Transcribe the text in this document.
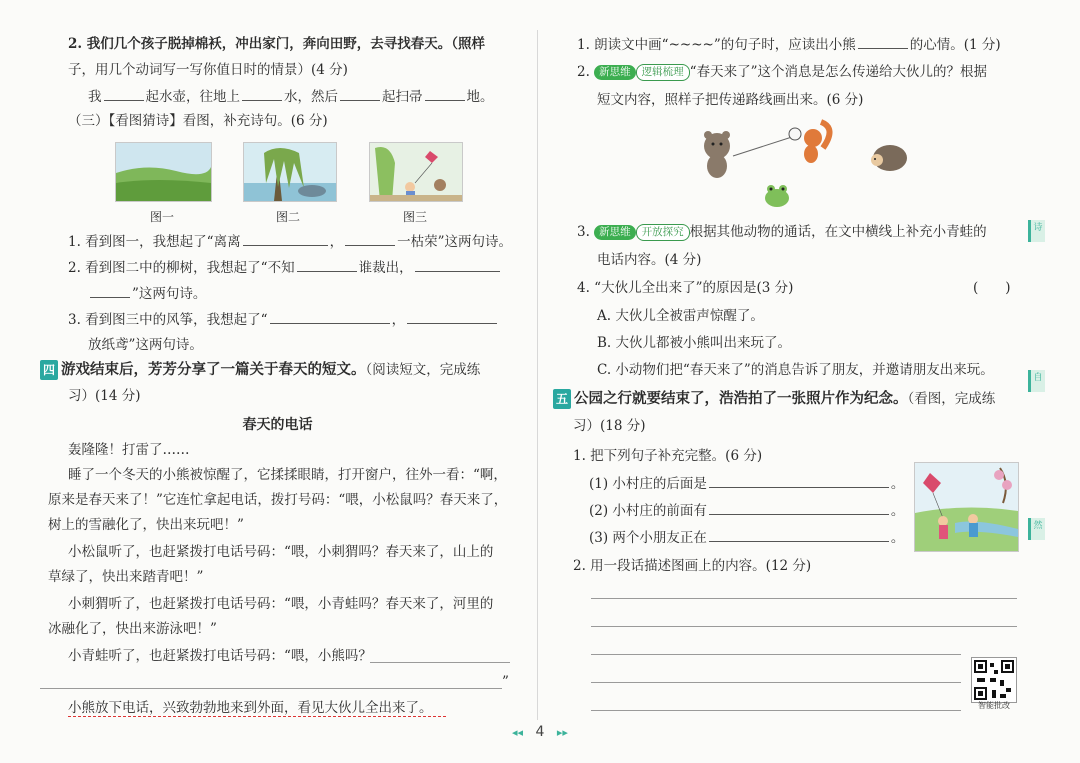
2. 我们几个孩子脱掉棉袄，冲出家门，奔向田野，去寻找春天。（照样
子，用几个动词写一写你值日时的情景）(4 分)
我	起水壶，往地上	水，然后	起扫帚	地。
（三）【看图猜诗】看图，补充诗句。(6 分)
图一	图二	图三
1. 看到图一，我想起了“离离	，	一枯荣”这两句诗。
2. 看到图二中的柳树，我想起了“不知	谁裁出，
”这两句诗。
3. 看到图三中的风筝，我想起了“	，
放纸鸢”这两句诗。
四 游戏结束后，芳芳分享了一篇关于春天的短文。（阅读短文，完成练
习）(14 分)
春天的电话
轰隆隆！打雷了……
睡了一个冬天的小熊被惊醒了，它揉揉眼睛，打开窗户，往外一看：“啊，
原来是春天来了！”它连忙拿起电话，拨打号码：“喂，小松鼠吗？春天来了，
树上的雪融化了，快出来玩吧！”
小松鼠听了，也赶紧拨打电话号码：“喂，小刺猬吗？春天来了，山上的
草绿了，快出来踏青吧！”
小刺猬听了，也赶紧拨打电话号码：“喂，小青蛙吗？春天来了，河里的
冰融化了，快出来游泳吧！”
小青蛙听了，也赶紧拨打电话号码：“喂，小熊吗？
”
小熊放下电话，兴致勃勃地来到外面，看见大伙儿全出来了。
1. 朗读文中画“~~~~”的句子时，应读出小熊	的心情。(1 分)
2. 新思维 逻辑梳理 “春天来了”这个消息是怎么传递给大伙儿的？根据
短文内容，照样子把传递路线画出来。(6 分)
3. 新思维 开放探究 根据其他动物的通话，在文中横线上补充小青蛙的
电话内容。(4 分)
4. “大伙儿全出来了”的原因是(3 分)	(　　)
A. 大伙儿全被雷声惊醒了。
B. 大伙儿都被小熊叫出来玩了。
C. 小动物们把“春天来了”的消息告诉了朋友，并邀请朋友出来玩。
五 公园之行就要结束了，浩浩拍了一张照片作为纪念。（看图，完成练
习）(18 分)
1. 把下列句子补充完整。(6 分)
(1) 小村庄的后面是	。
(2) 小村庄的前面有	。
(3) 两个小朋友正在	。
2. 用一段话描述图画上的内容。(12 分)
智能批改
诗
自
然
◂◂ 4 ▸▸
